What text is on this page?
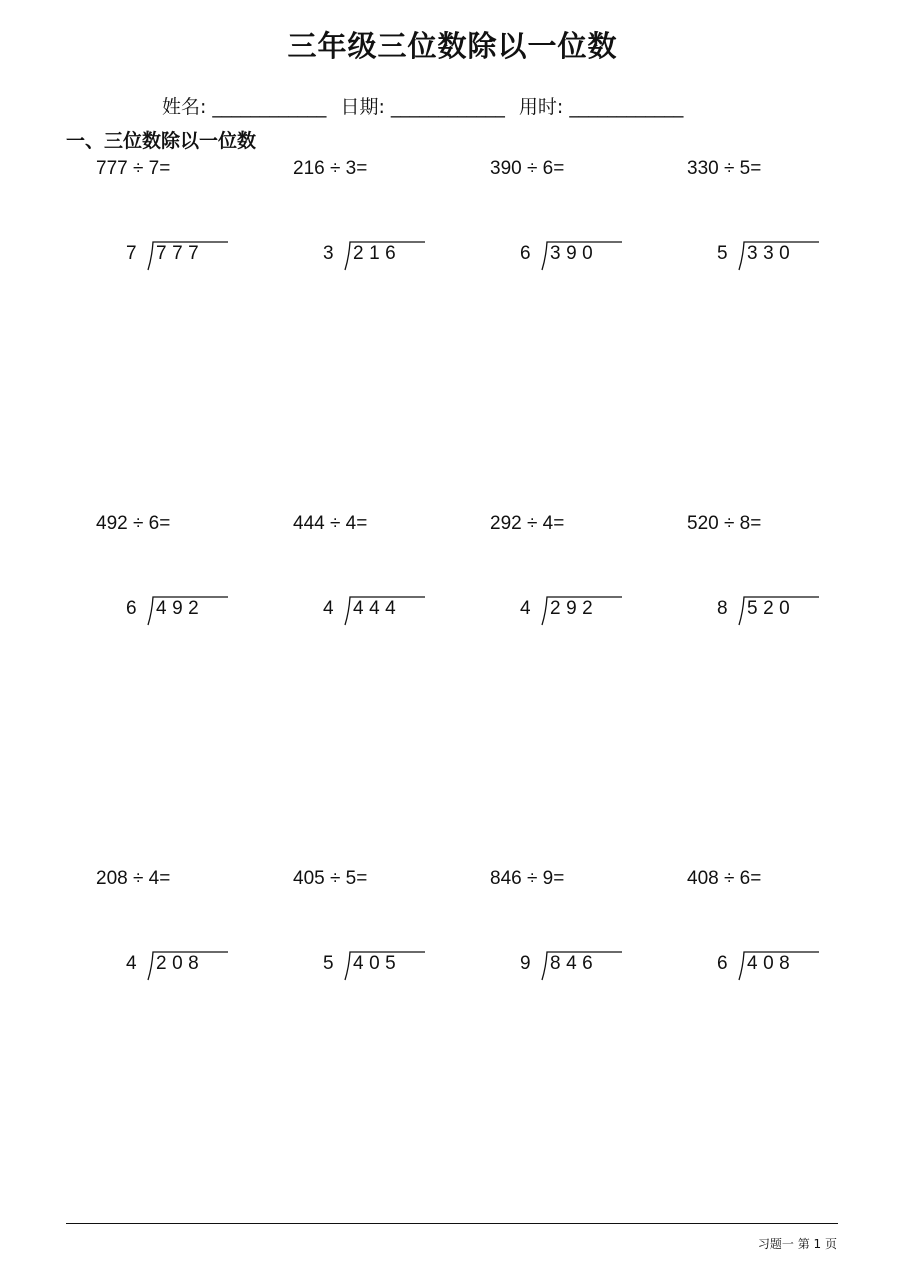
三年级三位数除以一位数
姓名: ____________ 日期: ____________ 用时: ____________
一、三位数除以一位数
777 ÷ 7=
7 777
216 ÷ 3=
3 216
390 ÷ 6=
6 390
330 ÷ 5=
5 330
492 ÷ 6=
6 492
444 ÷ 4=
4 444
292 ÷ 4=
4 292
520 ÷ 8=
8 520
208 ÷ 4=
4 208
405 ÷ 5=
5 405
846 ÷ 9=
9 846
408 ÷ 6=
6 408
习题一 第 1 页
